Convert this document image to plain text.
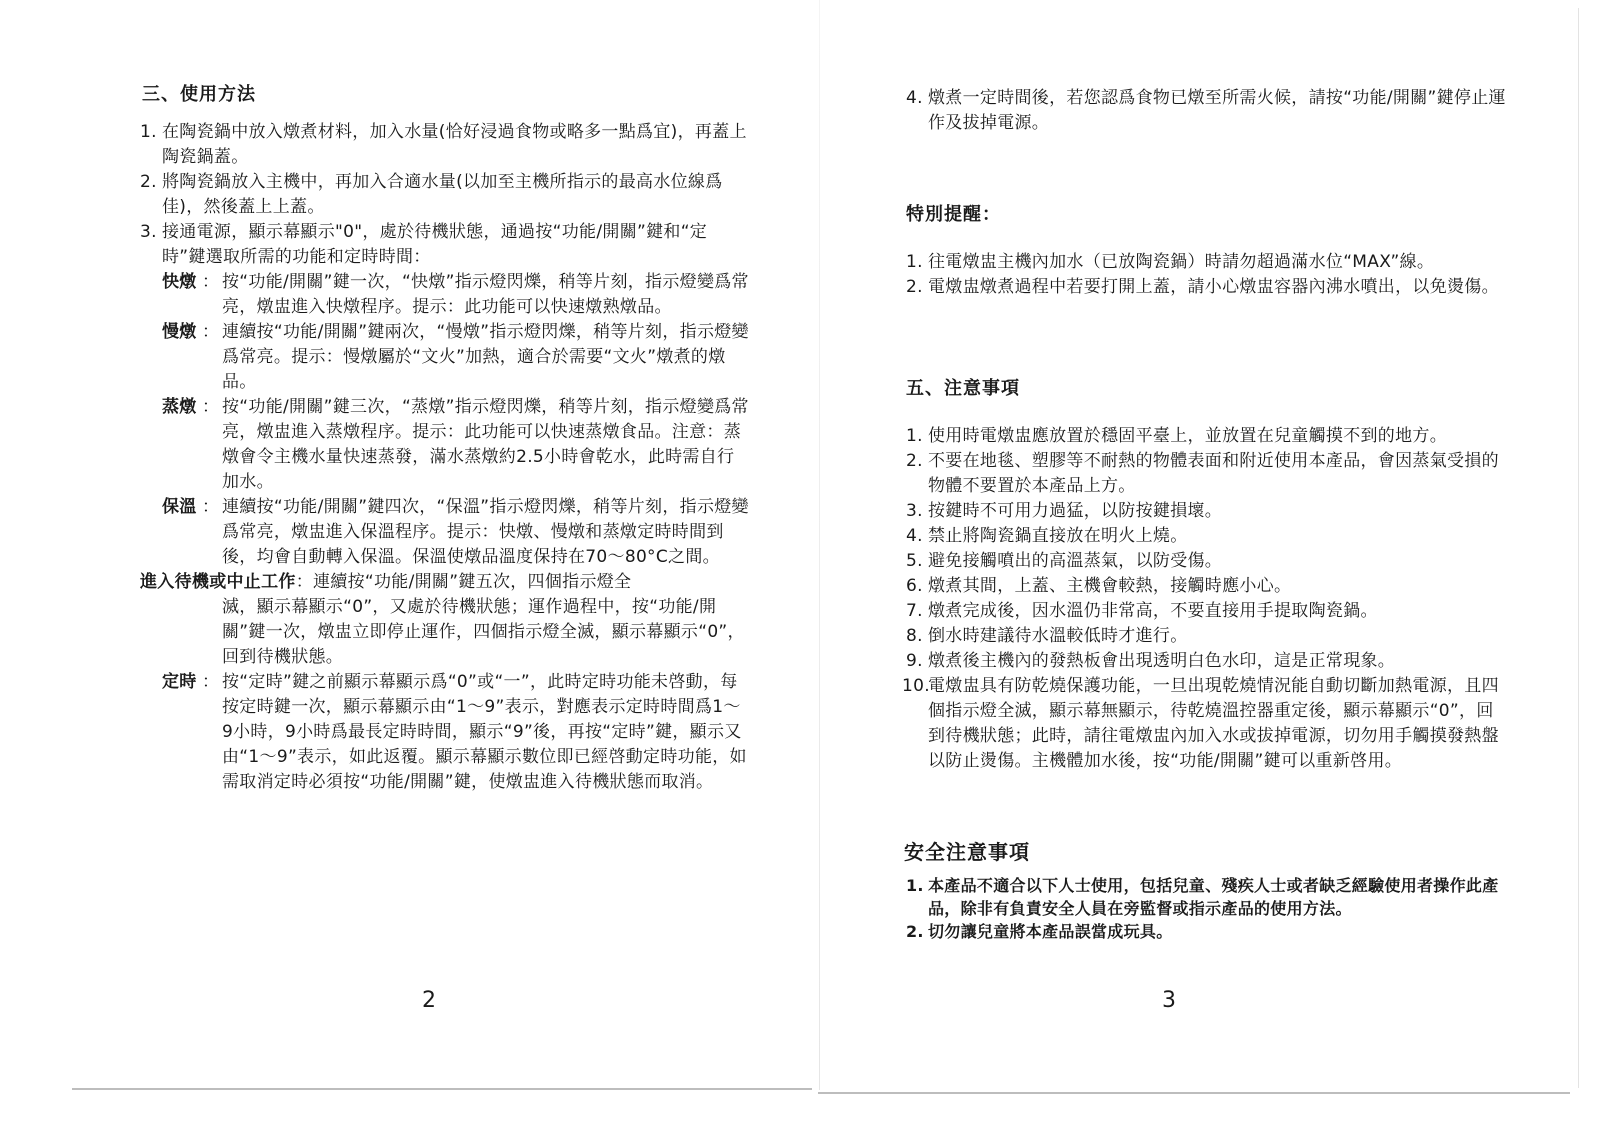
三、使用方法
1. 在陶瓷鍋中放入燉煮材料，加入水量(恰好浸過食物或略多一點爲宜)，再蓋上陶瓷鍋蓋。
2. 將陶瓷鍋放入主機中，再加入合適水量(以加至主機所指示的最高水位線爲佳)，然後蓋上上蓋。
3. 接通電源，顯示幕顯示"0"，處於待機狀態，通過按“功能/開關”鍵和“定時”鍵選取所需的功能和定時時間：
快燉 ： 按“功能/開關”鍵一次，“快燉”指示燈閃爍，稍等片刻，指示燈變爲常亮，燉盅進入快燉程序。提示：此功能可以快速燉熟燉品。
慢燉 ： 連續按“功能/開關”鍵兩次，“慢燉”指示燈閃爍，稍等片刻，指示燈變爲常亮。提示：慢燉屬於“文火”加熱，適合於需要“文火”燉煮的燉品。
蒸燉 ： 按“功能/開關”鍵三次，“蒸燉”指示燈閃爍，稍等片刻，指示燈變爲常亮，燉盅進入蒸燉程序。提示：此功能可以快速蒸燉食品。注意：蒸燉會令主機水量快速蒸發，滿水蒸燉約2.5小時會乾水，此時需自行加水。
保溫 ： 連續按“功能/開關”鍵四次，“保溫”指示燈閃爍，稍等片刻，指示燈變爲常亮，燉盅進入保溫程序。提示：快燉、慢燉和蒸燉定時時間到後，均會自動轉入保溫。保溫使燉品溫度保持在70～80°C之間。
進入待機或中止工作：連續按“功能/開關”鍵五次，四個指示燈全
滅，顯示幕顯示“0”，又處於待機狀態；運作過程中，按“功能/開關”鍵一次，燉盅立即停止運作，四個指示燈全滅，顯示幕顯示“0”，回到待機狀態。
定時 ： 按“定時”鍵之前顯示幕顯示爲“0”或“一”，此時定時功能未啓動，每按定時鍵一次，顯示幕顯示由“1～9”表示，對應表示定時時間爲1～9小時，9小時爲最長定時時間，顯示“9”後，再按“定時”鍵，顯示又由“1～9”表示，如此返覆。顯示幕顯示數位即已經啓動定時功能，如需取消定時必須按“功能/開關”鍵，使燉盅進入待機狀態而取消。
2
4. 燉煮一定時間後，若您認爲食物已燉至所需火候，請按“功能/開關”鍵停止運作及拔掉電源。
特別提醒：
1. 往電燉盅主機內加水（已放陶瓷鍋）時請勿超過滿水位“MAX”線。
2. 電燉盅燉煮過程中若要打開上蓋，請小心燉盅容器內沸水噴出，以免燙傷。
五、注意事項
1. 使用時電燉盅應放置於穩固平臺上，並放置在兒童觸摸不到的地方。
2. 不要在地毯、塑膠等不耐熱的物體表面和附近使用本產品，會因蒸氣受損的物體不要置於本產品上方。
3. 按鍵時不可用力過猛，以防按鍵損壞。
4. 禁止將陶瓷鍋直接放在明火上燒。
5. 避免接觸噴出的高溫蒸氣，以防受傷。
6. 燉煮其間，上蓋、主機會較熱，接觸時應小心。
7. 燉煮完成後，因水溫仍非常高，不要直接用手提取陶瓷鍋。
8. 倒水時建議待水溫較低時才進行。
9. 燉煮後主機內的發熱板會出現透明白色水印，這是正常現象。
10.
電燉盅具有防乾燒保護功能，一旦出現乾燒情況能自動切斷加熱電源，且四個指示燈全滅，顯示幕無顯示，待乾燒溫控器重定後，顯示幕顯示“0”，回到待機狀態；此時，請往電燉盅內加入水或拔掉電源，切勿用手觸摸發熱盤以防止燙傷。主機體加水後，按“功能/開關”鍵可以重新啓用。
安全注意事項
1. 本產品不適合以下人士使用，包括兒童、殘疾人士或者缺乏經驗使用者操作此產品，除非有負責安全人員在旁監督或指示產品的使用方法。
2. 切勿讓兒童將本產品誤當成玩具。
3
